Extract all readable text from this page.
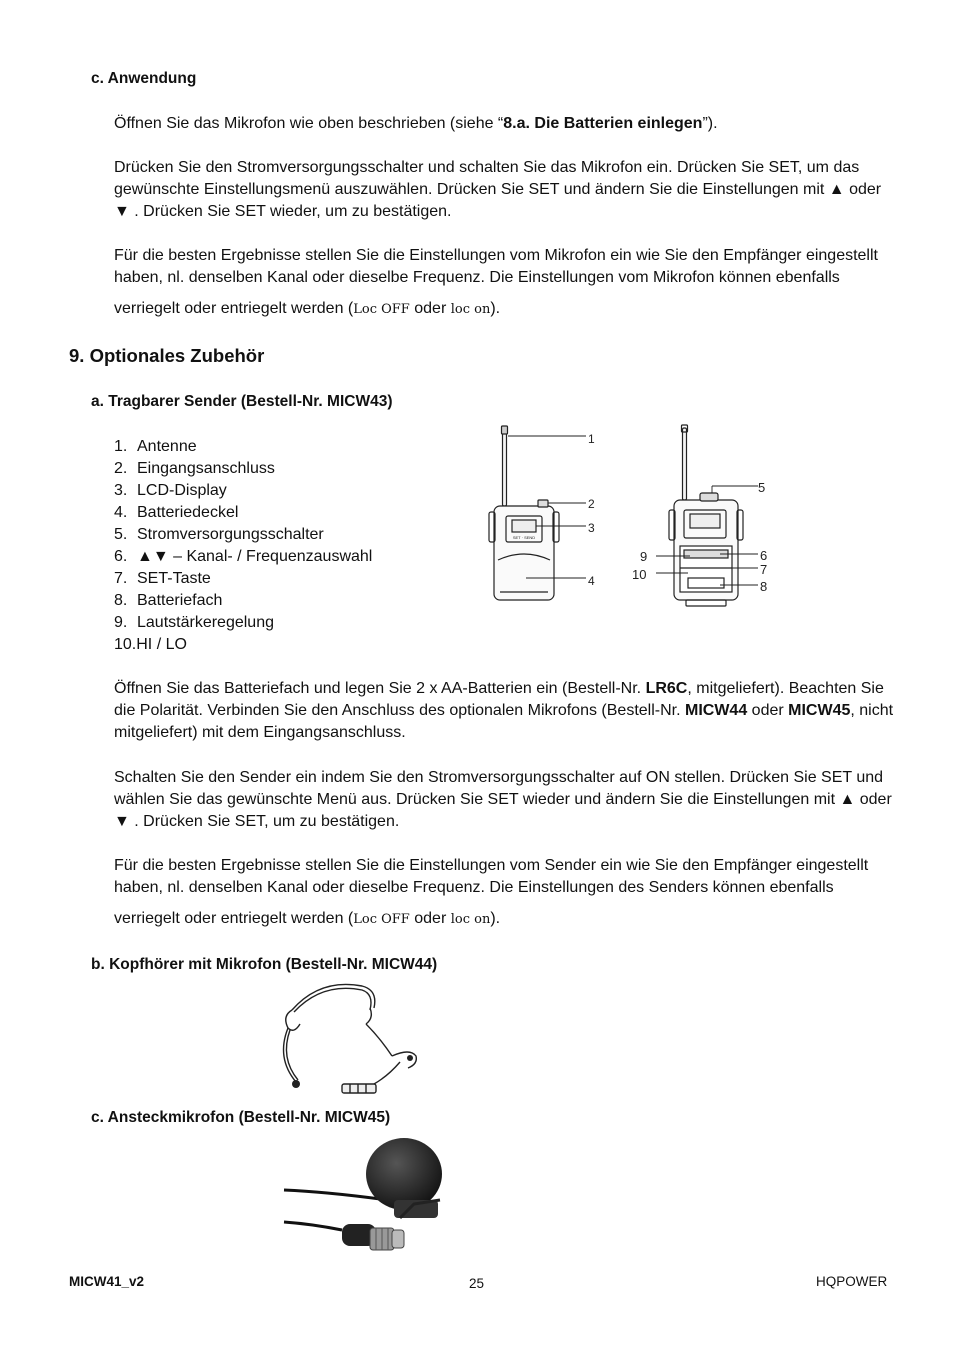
c. Anwendung
Öffnen Sie das Mikrofon wie oben beschrieben (siehe “8.a. Die Batterien einlegen”).
Drücken Sie den Stromversorgungsschalter und schalten Sie das Mikrofon ein. Drücken Sie SET, um das gewünschte Einstellungsmenü auszuwählen. Drücken Sie SET und ändern Sie die Einstellungen mit ▲ oder ▼ . Drücken Sie SET wieder, um zu bestätigen.
Für die besten Ergebnisse stellen Sie die Einstellungen vom Mikrofon ein wie Sie den Empfänger eingestellt haben, nl. denselben Kanal oder dieselbe Frequenz. Die Einstellungen vom Mikrofon können ebenfalls
verriegelt oder entriegelt werden (Loc OFF oder loc on).
9. Optionales Zubehör
a. Tragbarer Sender (Bestell-Nr. MICW43)
1. Antenne
2. Eingangsanschluss
3. LCD-Display
4. Batteriedeckel
5. Stromversorgungsschalter
6. ▲▼ – Kanal- / Frequenzauswahl
7. SET-Taste
8. Batteriefach
9. Lautstärkeregelung
10.HI / LO
SET · SEND
1
2
3
4
5
6
7
8
9
10
Öffnen Sie das Batteriefach und legen Sie 2 x AA-Batterien ein (Bestell-Nr. LR6C, mitgeliefert). Beachten Sie die Polarität. Verbinden Sie den Anschluss des optionalen Mikrofons (Bestell-Nr. MICW44 oder MICW45, nicht mitgeliefert) mit dem Eingangsanschluss.
Schalten Sie den Sender ein indem Sie den Stromversorgungsschalter auf ON stellen. Drücken Sie SET und wählen Sie das gewünschte Menü aus. Drücken Sie SET wieder und ändern Sie die Einstellungen mit ▲ oder ▼ . Drücken Sie SET, um zu bestätigen.
Für die besten Ergebnisse stellen Sie die Einstellungen vom Sender ein wie Sie den Empfänger eingestellt haben, nl. denselben Kanal oder dieselbe Frequenz. Die Einstellungen des Senders können ebenfalls
verriegelt oder entriegelt werden (Loc OFF oder loc on).
b. Kopfhörer mit Mikrofon (Bestell-Nr. MICW44)
c. Ansteckmikrofon (Bestell-Nr. MICW45)
MICW41_v2	25	HQPOWER
